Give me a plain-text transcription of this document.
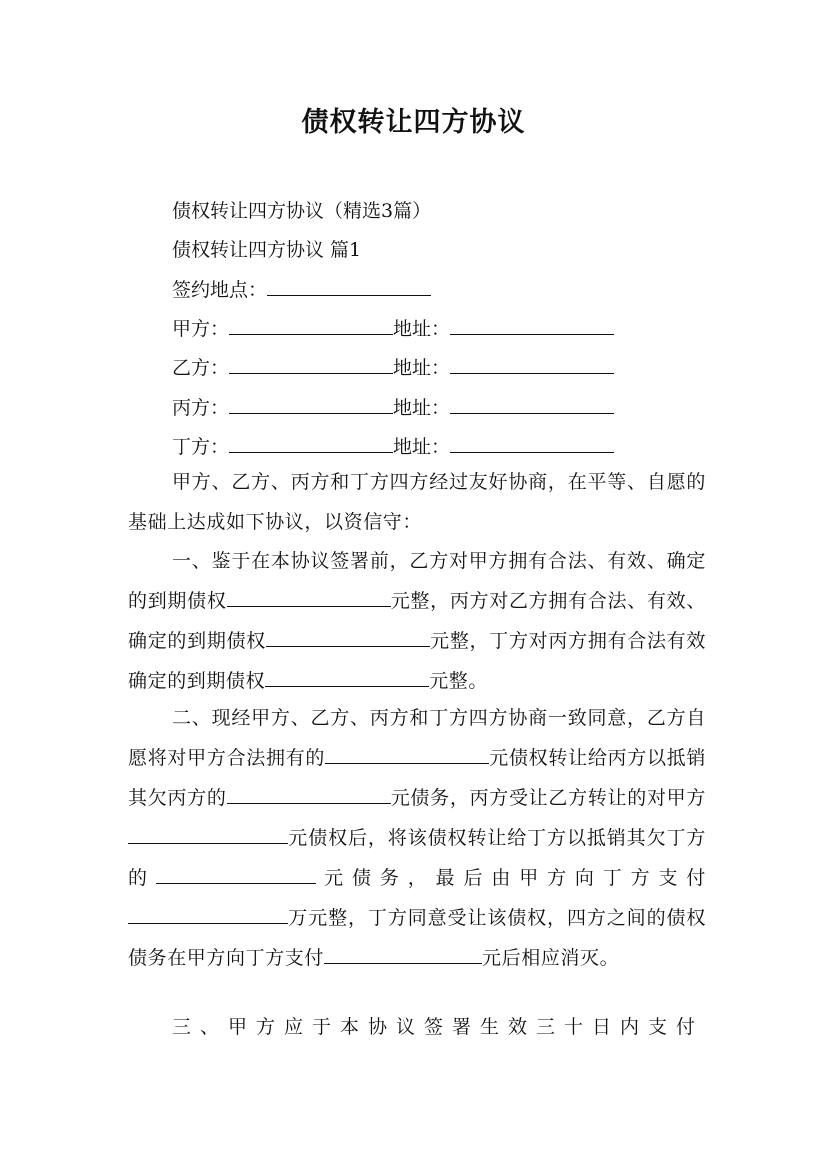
债权转让四方协议
债权转让四方协议（精选3篇）
债权转让四方协议 篇1
签约地点：
甲方：	地址：
乙方：	地址：
丙方：	地址：
丁方：	地址：

甲方、乙方、丙方和丁方四方经过友好协商，在平等、自愿的基础上达成如下协议，以资信守：

一、鉴于在本协议签署前，乙方对甲方拥有合法、有效、确定的到期债权	元整，丙方对乙方拥有合法、有效、确定的到期债权	元整，丁方对丙方拥有合法有效确定的到期债权	元整。

二、现经甲方、乙方、丙方和丁方四方协商一致同意，乙方自愿将对甲方合法拥有的	元债权转让给丙方以抵销其欠丙方的	元债务，丙方受让乙方转让的对甲方元债权后，将该债权转让给丁方以抵销其欠丁方的	元债务，最后由甲方向丁方支付万元整，丁方同意受让该债权，四方之间的债权债务在甲方向丁方支付	元后相应消灭。

三、甲方应于本协议签署生效三十日内支付
